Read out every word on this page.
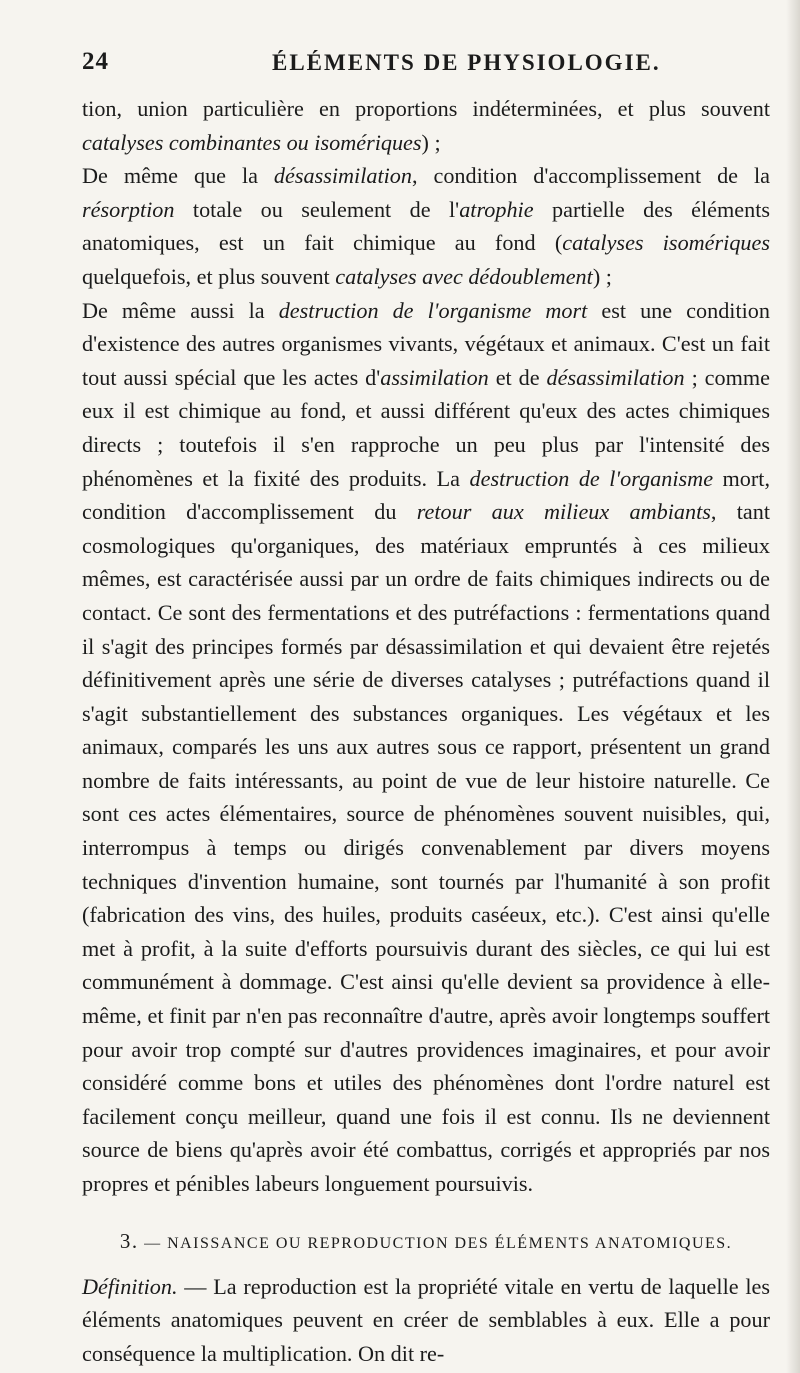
24	ÉLÉMENTS DE PHYSIOLOGIE.

tion, union particulière en proportions indéterminées, et plus souvent catalyses combinantes ou isomériques) ;

De même que la désassimilation, condition d'accomplissement de la résorption totale ou seulement de l'atrophie partielle des éléments anatomiques, est un fait chimique au fond (catalyses isomériques quelquefois, et plus souvent catalyses avec dédoublement) ;

De même aussi la destruction de l'organisme mort est une condition d'existence des autres organismes vivants, végétaux et animaux. C'est un fait tout aussi spécial que les actes d'assimilation et de désassimilation ; comme eux il est chimique au fond, et aussi différent qu'eux des actes chimiques directs ; toutefois il s'en rapproche un peu plus par l'intensité des phénomènes et la fixité des produits. La destruction de l'organisme mort, condition d'accomplissement du retour aux milieux ambiants, tant cosmologiques qu'organiques, des matériaux empruntés à ces milieux mêmes, est caractérisée aussi par un ordre de faits chimiques indirects ou de contact. Ce sont des fermentations et des putréfactions : fermentations quand il s'agit des principes formés par désassimilation et qui devaient être rejetés définitivement après une série de diverses catalyses ; putréfactions quand il s'agit substantiellement des substances organiques. Les végétaux et les animaux, comparés les uns aux autres sous ce rapport, présentent un grand nombre de faits intéressants, au point de vue de leur histoire naturelle. Ce sont ces actes élémentaires, source de phénomènes souvent nuisibles, qui, interrompus à temps ou dirigés convenablement par divers moyens techniques d'invention humaine, sont tournés par l'humanité à son profit (fabrication des vins, des huiles, produits caséeux, etc.). C'est ainsi qu'elle met à profit, à la suite d'efforts poursuivis durant des siècles, ce qui lui est communément à dommage. C'est ainsi qu'elle devient sa providence à elle-même, et finit par n'en pas reconnaître d'autre, après avoir longtemps souffert pour avoir trop compté sur d'autres providences imaginaires, et pour avoir considéré comme bons et utiles des phénomènes dont l'ordre naturel est facilement conçu meilleur, quand une fois il est connu. Ils ne deviennent source de biens qu'après avoir été combattus, corrigés et appropriés par nos propres et pénibles labeurs longuement poursuivis.

3. — NAISSANCE OU REPRODUCTION DES ÉLÉMENTS ANATOMIQUES.

Définition. — La reproduction est la propriété vitale en vertu de laquelle les éléments anatomiques peuvent en créer de semblables à eux. Elle a pour conséquence la multiplication. On dit re-
